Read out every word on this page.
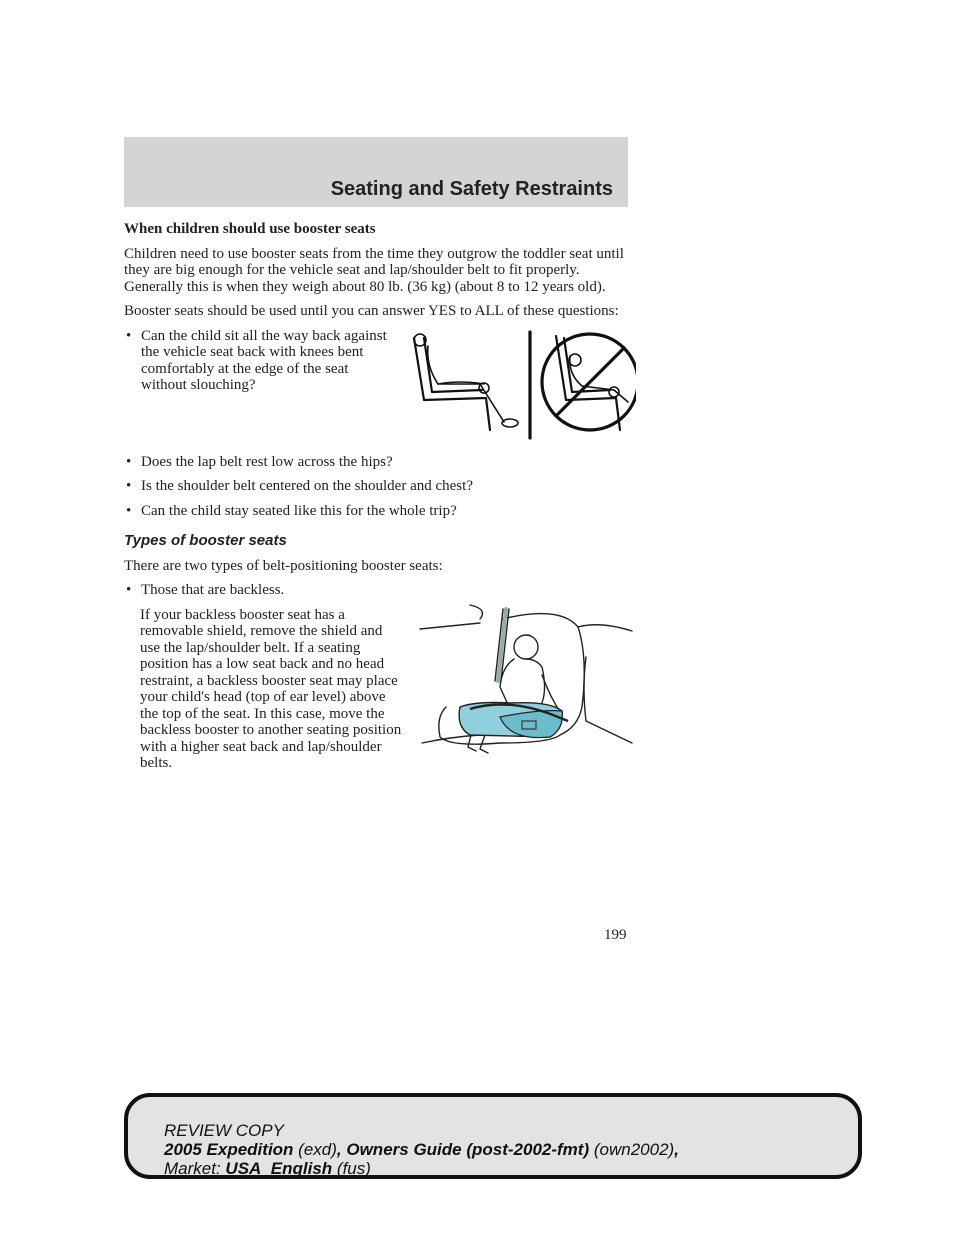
Seating and Safety Restraints
When children should use booster seats

Children need to use booster seats from the time they outgrow the toddler seat until they are big enough for the vehicle seat and lap/shoulder belt to fit properly. Generally this is when they weigh about 80 lb. (36 kg) (about 8 to 12 years old).

Booster seats should be used until you can answer YES to ALL of these questions:

• Can the child sit all the way back against the vehicle seat back with knees bent comfortably at the edge of the seat without slouching?
• Does the lap belt rest low across the hips?
• Is the shoulder belt centered on the shoulder and chest?
• Can the child stay seated like this for the whole trip?
Types of booster seats

There are two types of belt-positioning booster seats:

• Those that are backless.

If your backless booster seat has a removable shield, remove the shield and use the lap/shoulder belt. If a seating position has a low seat back and no head restraint, a backless booster seat may place your child's head (top of ear level) above the top of the seat. In this case, move the backless booster to another seating position with a higher seat back and lap/shoulder belts.

199
REVIEW COPY
2005 Expedition (exd), Owners Guide (post-2002-fmt) (own2002),
Market: USA_English (fus)
